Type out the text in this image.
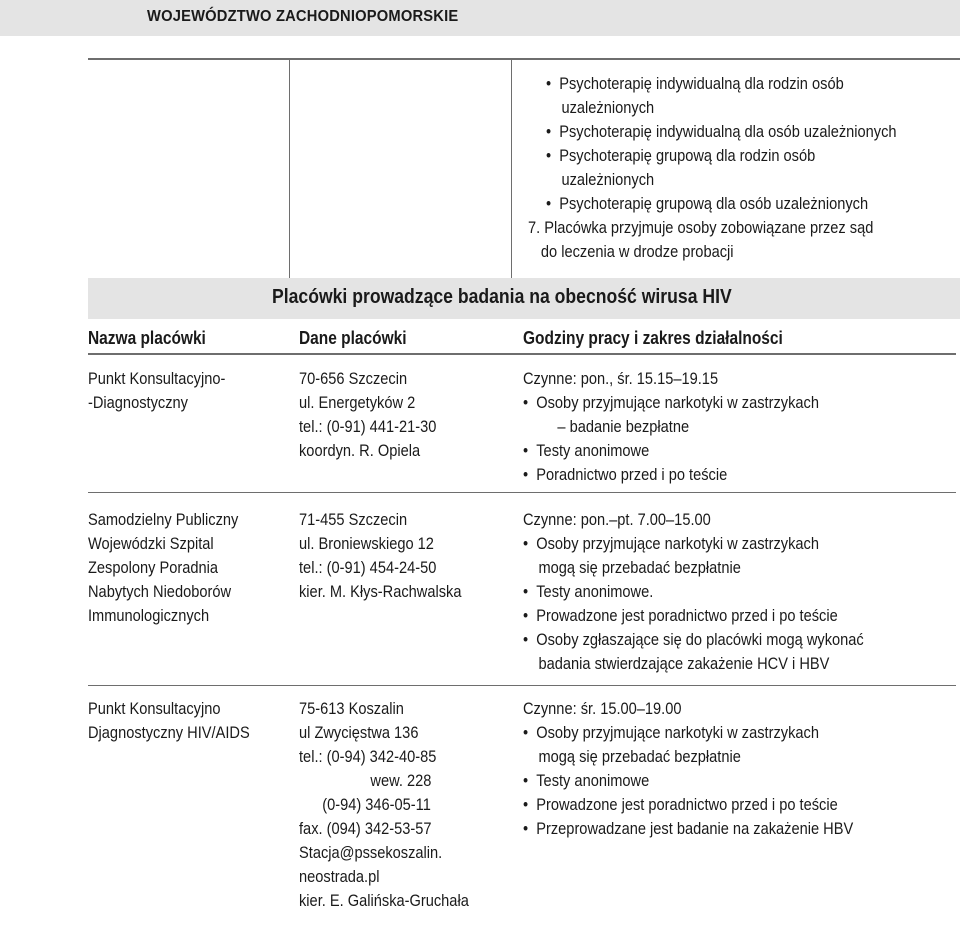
WOJEWÓDZTWO ZACHODNIOPOMORSKIE
•  Psychoterapię indywidualną dla rodzin osób
uzależnionych
•  Psychoterapię indywidualną dla osób uzależnionych
•  Psychoterapię grupową dla rodzin osób
uzależnionych
•  Psychoterapię grupową dla osób uzależnionych
7. Placówka przyjmuje osoby zobowiązane przez sąd
do leczenia w drodze probacji
Placówki prowadzące badania na obecność wirusa HIV
Nazwa placówki	Dane placówki	Godziny pracy i zakres działalności
Punkt Konsultacyjno-
-Diagnostyczny
70-656 Szczecin
ul. Energetyków 2
tel.: (0-91) 441-21-30
koordyn. R. Opiela
Czynne: pon., śr. 15.15–19.15
•  Osoby przyjmujące narkotyki w zastrzykach
– badanie bezpłatne
•  Testy anonimowe
•  Poradnictwo przed i po teście
Samodzielny Publiczny
Wojewódzki Szpital
Zespolony Poradnia
Nabytych Niedoborów
Immunologicznych
71-455 Szczecin
ul. Broniewskiego 12
tel.: (0-91) 454-24-50
kier. M. Kłys-Rachwalska
Czynne: pon.–pt. 7.00–15.00
•  Osoby przyjmujące narkotyki w zastrzykach
mogą się przebadać bezpłatnie
•  Testy anonimowe.
•  Prowadzone jest poradnictwo przed i po teście
•  Osoby zgłaszające się do placówki mogą wykonać
badania stwierdzające zakażenie HCV i HBV
Punkt Konsultacyjno
Djagnostyczny HIV/AIDS
75-613 Koszalin
ul Zwycięstwa 136
tel.: (0-94) 342-40-85
wew. 228
(0-94) 346-05-11
fax. (094) 342-53-57
Stacja@pssekoszalin.
neostrada.pl
kier. E. Galińska-Gruchała
Czynne: śr. 15.00–19.00
•  Osoby przyjmujące narkotyki w zastrzykach
mogą się przebadać bezpłatnie
•  Testy anonimowe
•  Prowadzone jest poradnictwo przed i po teście
•  Przeprowadzane jest badanie na zakażenie HBV
